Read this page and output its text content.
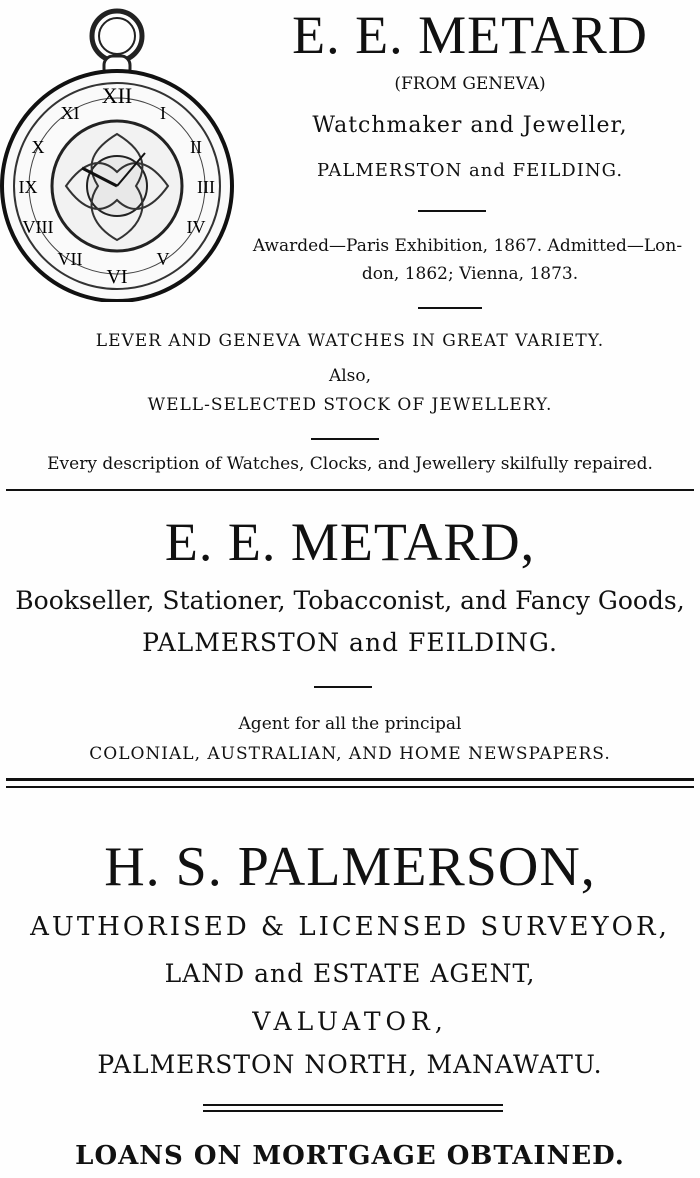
XII
XI	I
X	II
IX	III
VIII	IV
VII	V
VI
E. E. METARD
(FROM GENEVA)
Watchmaker and Jeweller,
PALMERSTON and FEILDING.
Awarded—Paris Exhibition, 1867. Admitted—Lon-
don, 1862; Vienna, 1873.
LEVER AND GENEVA WATCHES IN GREAT VARIETY.
Also,
WELL-SELECTED STOCK OF JEWELLERY.
Every description of Watches, Clocks, and Jewellery skilfully repaired.
E. E. METARD,
Bookseller, Stationer, Tobacconist, and Fancy Goods,
PALMERSTON and FEILDING.
Agent for all the principal
COLONIAL, AUSTRALIAN, AND HOME NEWSPAPERS.
H. S. PALMERSON,
AUTHORISED & LICENSED SURVEYOR,
LAND and ESTATE AGENT,
VALUATOR,
PALMERSTON NORTH, MANAWATU.
LOANS ON MORTGAGE OBTAINED.
